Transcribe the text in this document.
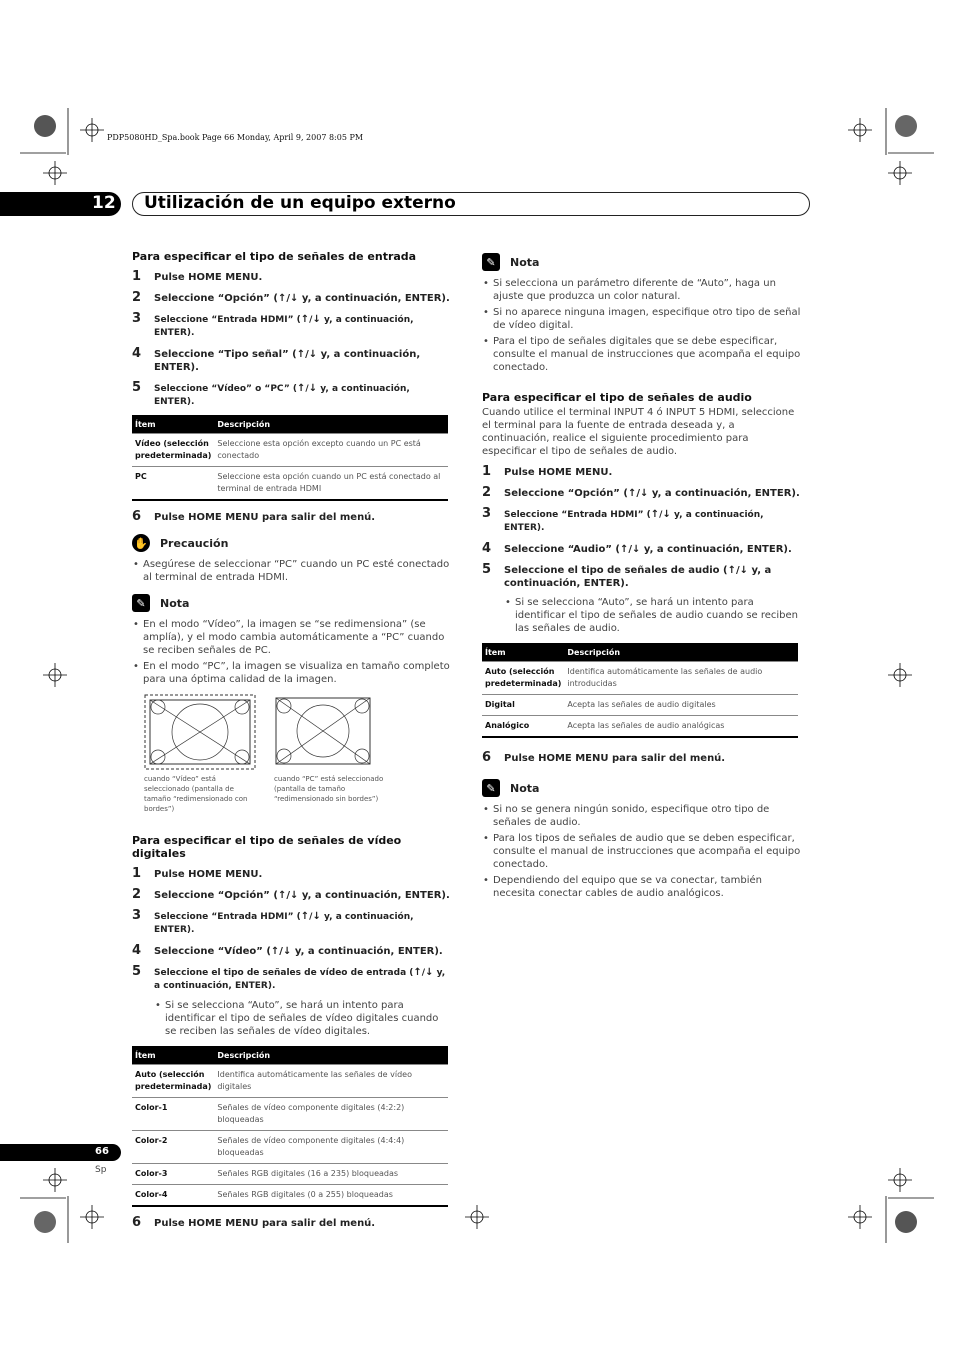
PDP5080HD_Spa.book Page 66 Monday, April 9, 2007 8:05 PM
12 Utilización de un equipo externo
Para especificar el tipo de señales de entrada
1	Pulse HOME MENU.
2	Seleccione “Opción” (↑/↓ y, a continuación, ENTER).
3	Seleccione “Entrada HDMI” (↑/↓ y, a continuación, ENTER).
4	Seleccione “Tipo señal” (↑/↓ y, a continuación, ENTER).
5	Seleccione “Vídeo” o “PC” (↑/↓ y, a continuación, ENTER).
Ítem	Descripción
Vídeo (selección predeterminada)	Seleccione esta opción excepto cuando un PC está conectado
PC	Seleccione esta opción cuando un PC está conectado al terminal de entrada HDMI
6	Pulse HOME MENU para salir del menú.
✋ Precaución
• Asegúrese de seleccionar “PC” cuando un PC esté conectado al terminal de entrada HDMI.
✎	Nota
• En el modo “Vídeo”, la imagen se “se redimensiona” (se amplía), y el modo cambia automáticamente a “PC” cuando se reciben señales de PC.
• En el modo “PC”, la imagen se visualiza en tamaño completo para una óptima calidad de la imagen.
cuando “Vídeo” está seleccionado (pantalla de tamaño “redimensionado con bordes”)
cuando “PC” está seleccionado (pantalla de tamaño “redimensionado sin bordes”)
Para especificar el tipo de señales de vídeo digitales
1	Pulse HOME MENU.
2	Seleccione “Opción” (↑/↓ y, a continuación, ENTER).
3	Seleccione “Entrada HDMI” (↑/↓ y, a continuación, ENTER).
4	Seleccione “Vídeo” (↑/↓ y, a continuación, ENTER).
5	Seleccione el tipo de señales de vídeo de entrada (↑/↓ y, a continuación, ENTER).
• Si se selecciona “Auto”, se hará un intento para identificar el tipo de señales de vídeo digitales cuando se reciben las señales de vídeo digitales.
Ítem	Descripción
Auto (selección predeterminada)	Identifica automáticamente las señales de vídeo digitales
Color-1	Señales de vídeo componente digitales (4:2:2) bloqueadas
Color-2	Señales de vídeo componente digitales (4:4:4) bloqueadas
Color-3	Señales RGB digitales (16 a 235) bloqueadas
Color-4	Señales RGB digitales (0 a 255) bloqueadas
6	Pulse HOME MENU para salir del menú.
✎	Nota
• Si selecciona un parámetro diferente de “Auto”, haga un ajuste que produzca un color natural.
• Si no aparece ninguna imagen, especifique otro tipo de señal de vídeo digital.
• Para el tipo de señales digitales que se debe especificar, consulte el manual de instrucciones que acompaña el equipo conectado.
Para especificar el tipo de señales de audio
Cuando utilice el terminal INPUT 4 ó INPUT 5 HDMI, seleccione el terminal para la fuente de entrada deseada y, a continuación, realice el siguiente procedimiento para especificar el tipo de señales de audio.
1	Pulse HOME MENU.
2	Seleccione “Opción” (↑/↓ y, a continuación, ENTER).
3	Seleccione “Entrada HDMI” (↑/↓ y, a continuación, ENTER).
4	Seleccione “Audio” (↑/↓ y, a continuación, ENTER).
5	Seleccione el tipo de señales de audio (↑/↓ y, a continuación, ENTER).
• Si se selecciona “Auto”, se hará un intento para identificar el tipo de señales de audio cuando se reciben las señales de audio.
Ítem	Descripción
Auto (selección predeterminada)	Identifica automáticamente las señales de audio introducidas
Digital	Acepta las señales de audio digitales
Analógico	Acepta las señales de audio analógicas
6	Pulse HOME MENU para salir del menú.
✎	Nota
• Si no se genera ningún sonido, especifique otro tipo de señales de audio.
• Para los tipos de señales de audio que se deben especificar, consulte el manual de instrucciones que acompaña el equipo conectado.
• Dependiendo del equipo que se va conectar, también necesita conectar cables de audio analógicos.
66
Sp
